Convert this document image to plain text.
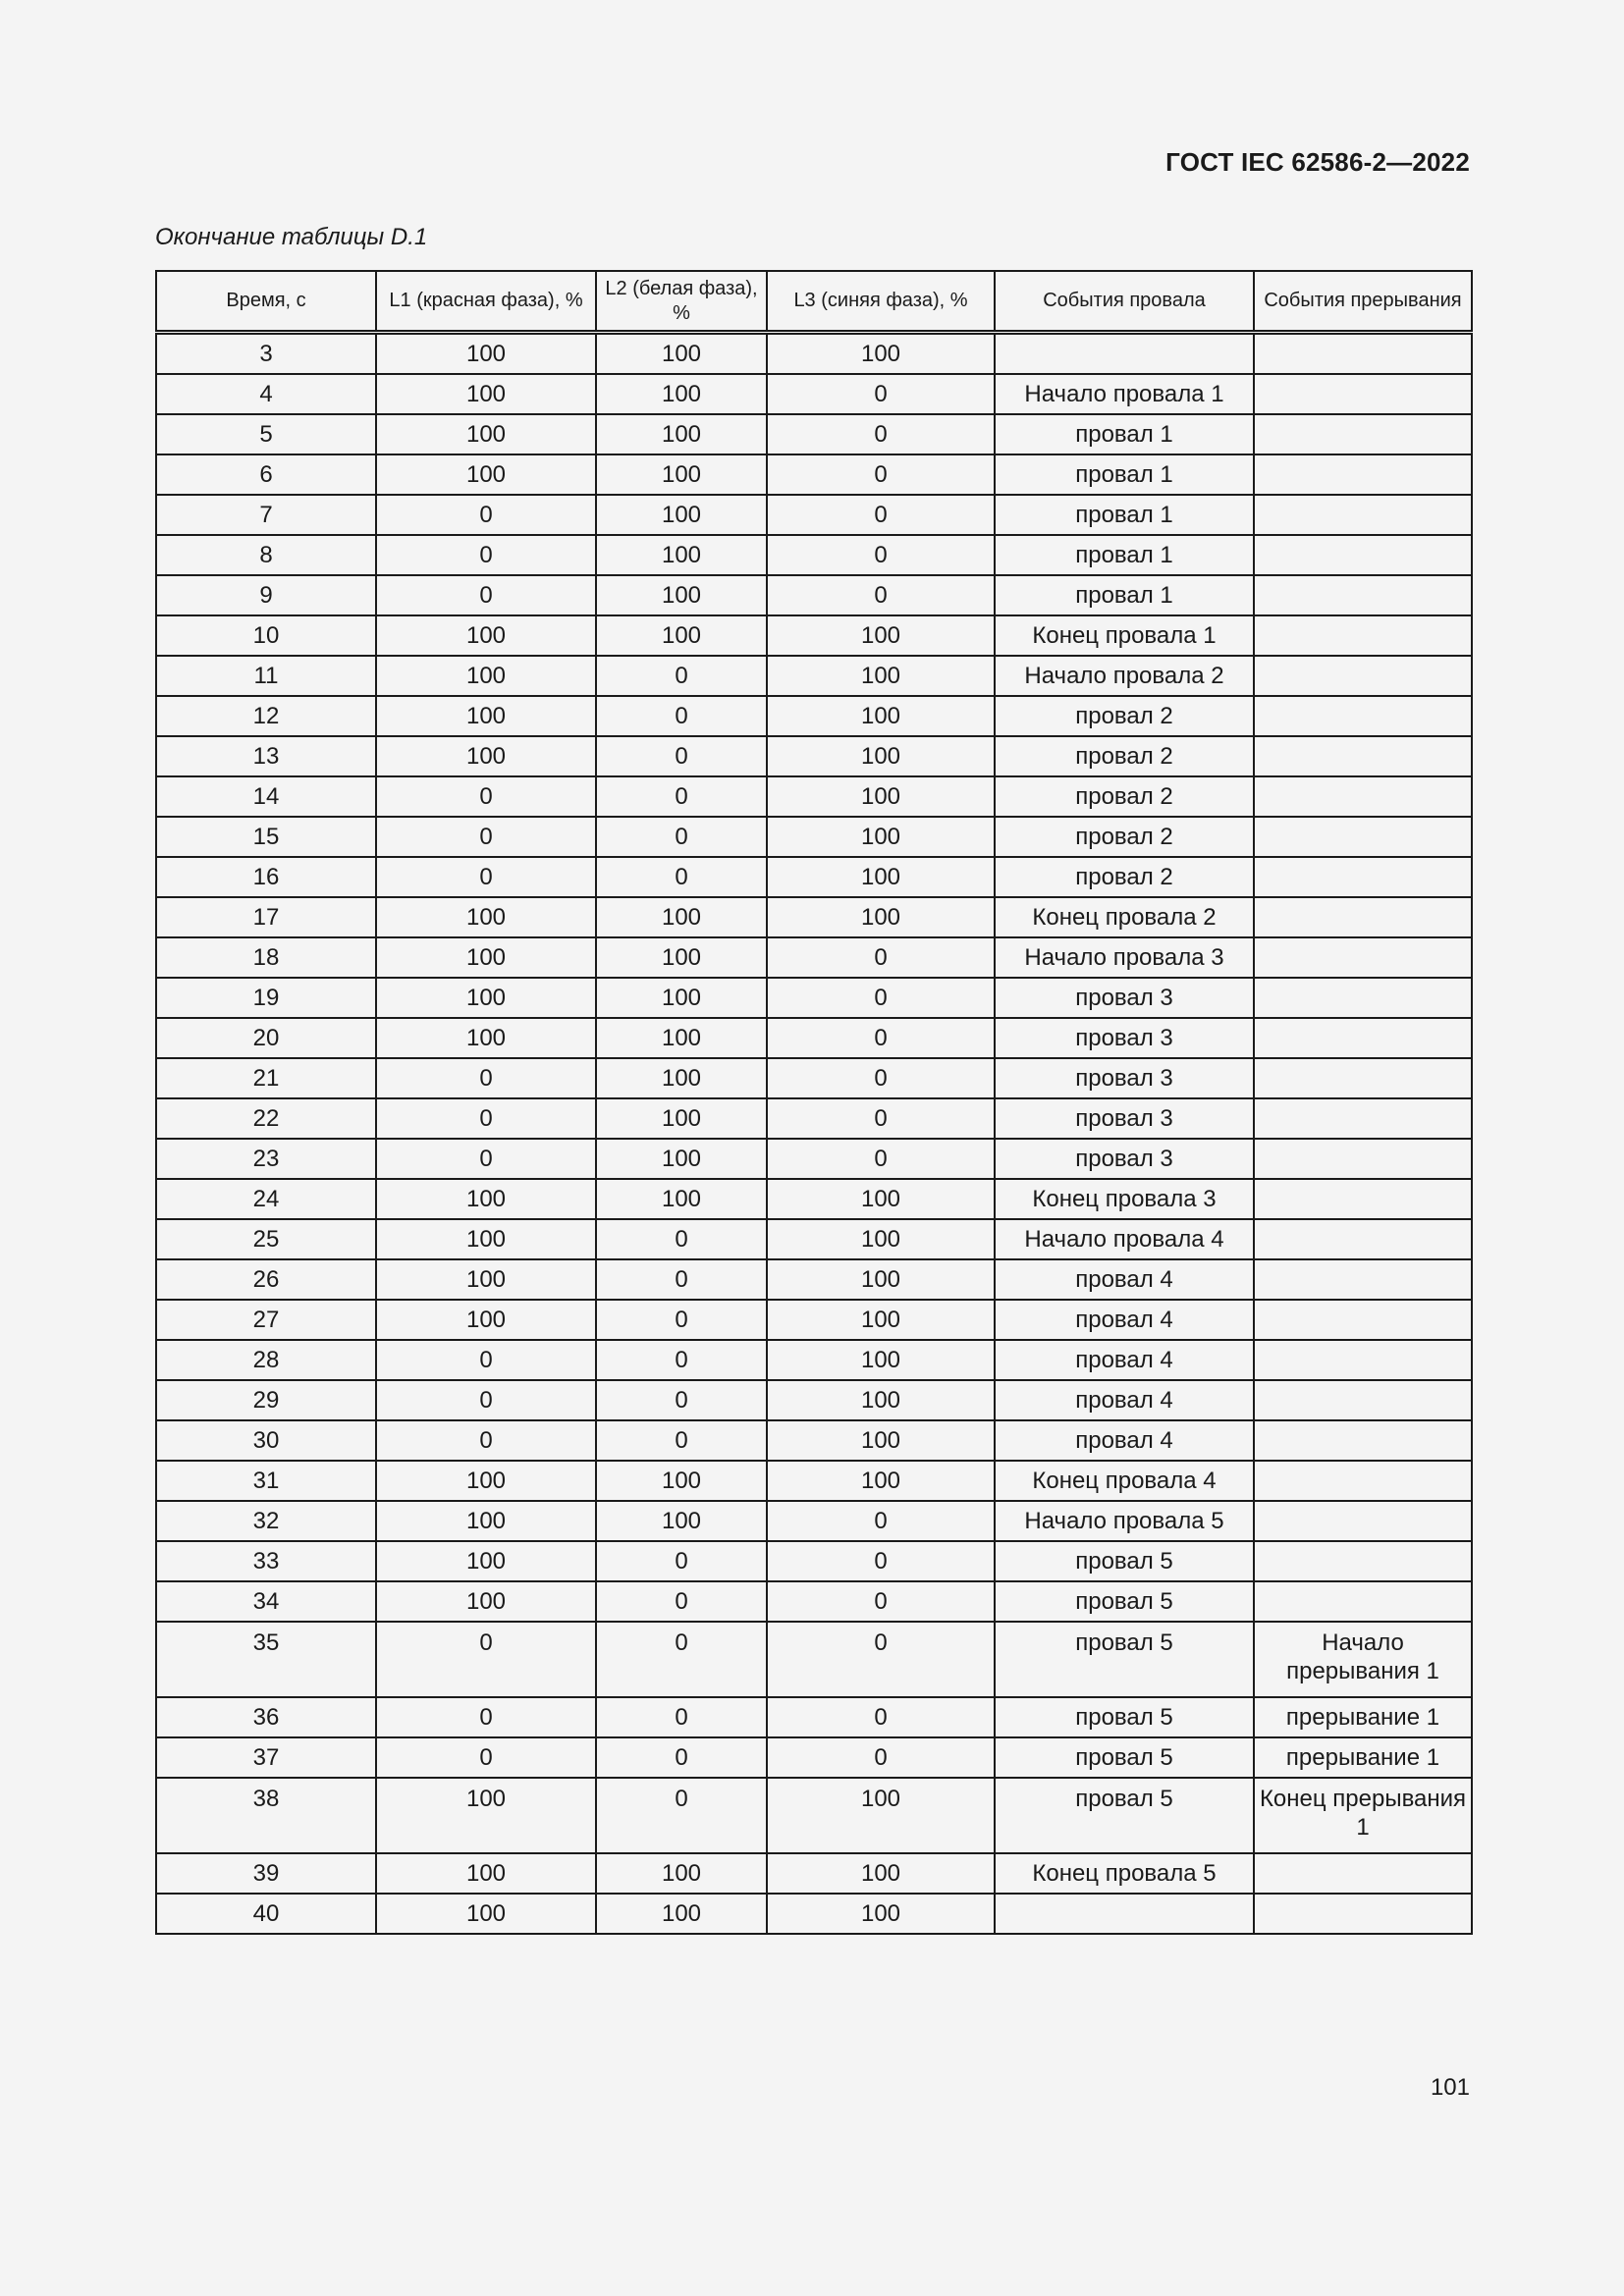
ГОСТ IEC 62586-2—2022
Окончание таблицы D.1
Время, с	L1 (красная фаза), %	L2 (белая фаза), %	L3 (синяя фаза), %	События провала	События прерывания
3	100	100	100		
4	100	100	0	Начало провала 1	
5	100	100	0	провал 1	
6	100	100	0	провал 1	
7	0	100	0	провал 1	
8	0	100	0	провал 1	
9	0	100	0	провал 1	
10	100	100	100	Конец провала 1	
11	100	0	100	Начало провала 2	
12	100	0	100	провал 2	
13	100	0	100	провал 2	
14	0	0	100	провал 2	
15	0	0	100	провал 2	
16	0	0	100	провал 2	
17	100	100	100	Конец провала 2	
18	100	100	0	Начало провала 3	
19	100	100	0	провал 3	
20	100	100	0	провал 3	
21	0	100	0	провал 3	
22	0	100	0	провал 3	
23	0	100	0	провал 3	
24	100	100	100	Конец провала 3	
25	100	0	100	Начало провала 4	
26	100	0	100	провал 4	
27	100	0	100	провал 4	
28	0	0	100	провал 4	
29	0	0	100	провал 4	
30	0	0	100	провал 4	
31	100	100	100	Конец провала 4	
32	100	100	0	Начало провала 5	
33	100	0	0	провал 5	
34	100	0	0	провал 5	
35	0	0	0	провал 5	Начало прерывания 1
36	0	0	0	провал 5	прерывание 1
37	0	0	0	провал 5	прерывание 1
38	100	0	100	провал 5	Конец прерывания 1
39	100	100	100	Конец провала 5	
40	100	100	100		
101
